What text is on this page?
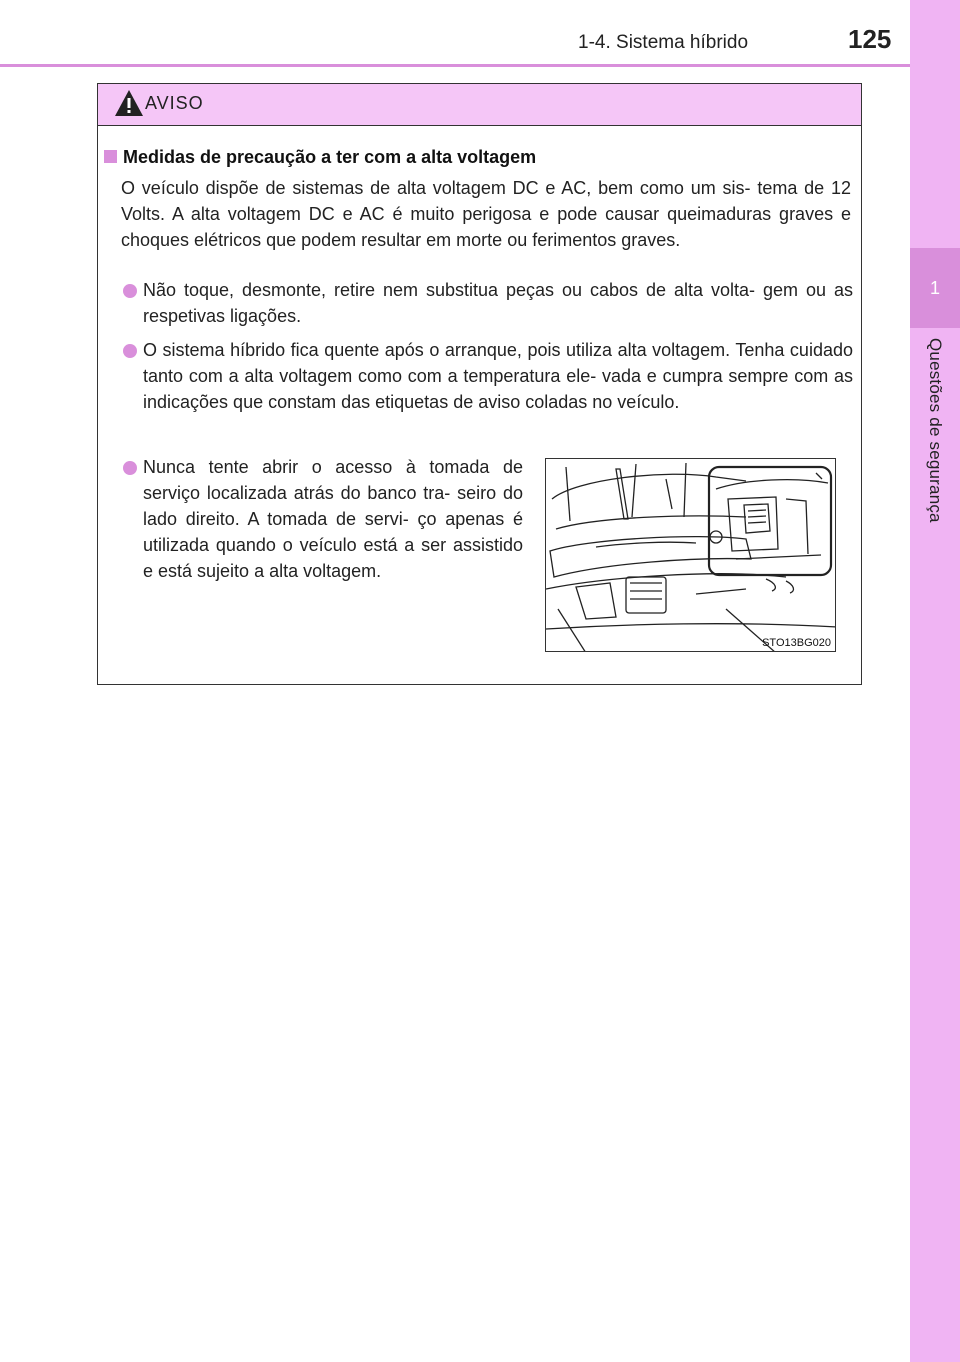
1-4. Sistema híbrido	125
1
Questões de segurança
AVISO
Medidas de precaução a ter com a alta voltagem

O veículo dispõe de sistemas de alta voltagem DC e AC, bem como um sis- tema de 12 Volts. A alta voltagem DC e AC é muito perigosa e pode causar queimaduras graves e choques elétricos que podem resultar em morte ou ferimentos graves.

Não toque, desmonte, retire nem substitua peças ou cabos de alta volta- gem ou as respetivas ligações.

O sistema híbrido fica quente após o arranque, pois utiliza alta voltagem. Tenha cuidado tanto com a alta voltagem como com a temperatura ele- vada e cumpra sempre com as indicações que constam das etiquetas de aviso coladas no veículo.

Nunca tente abrir o acesso à tomada de serviço localizada atrás do banco tra- seiro do lado direito. A tomada de servi- ço apenas é utilizada quando o veículo está a ser assistido e está sujeito a alta voltagem.

STO13BG020
